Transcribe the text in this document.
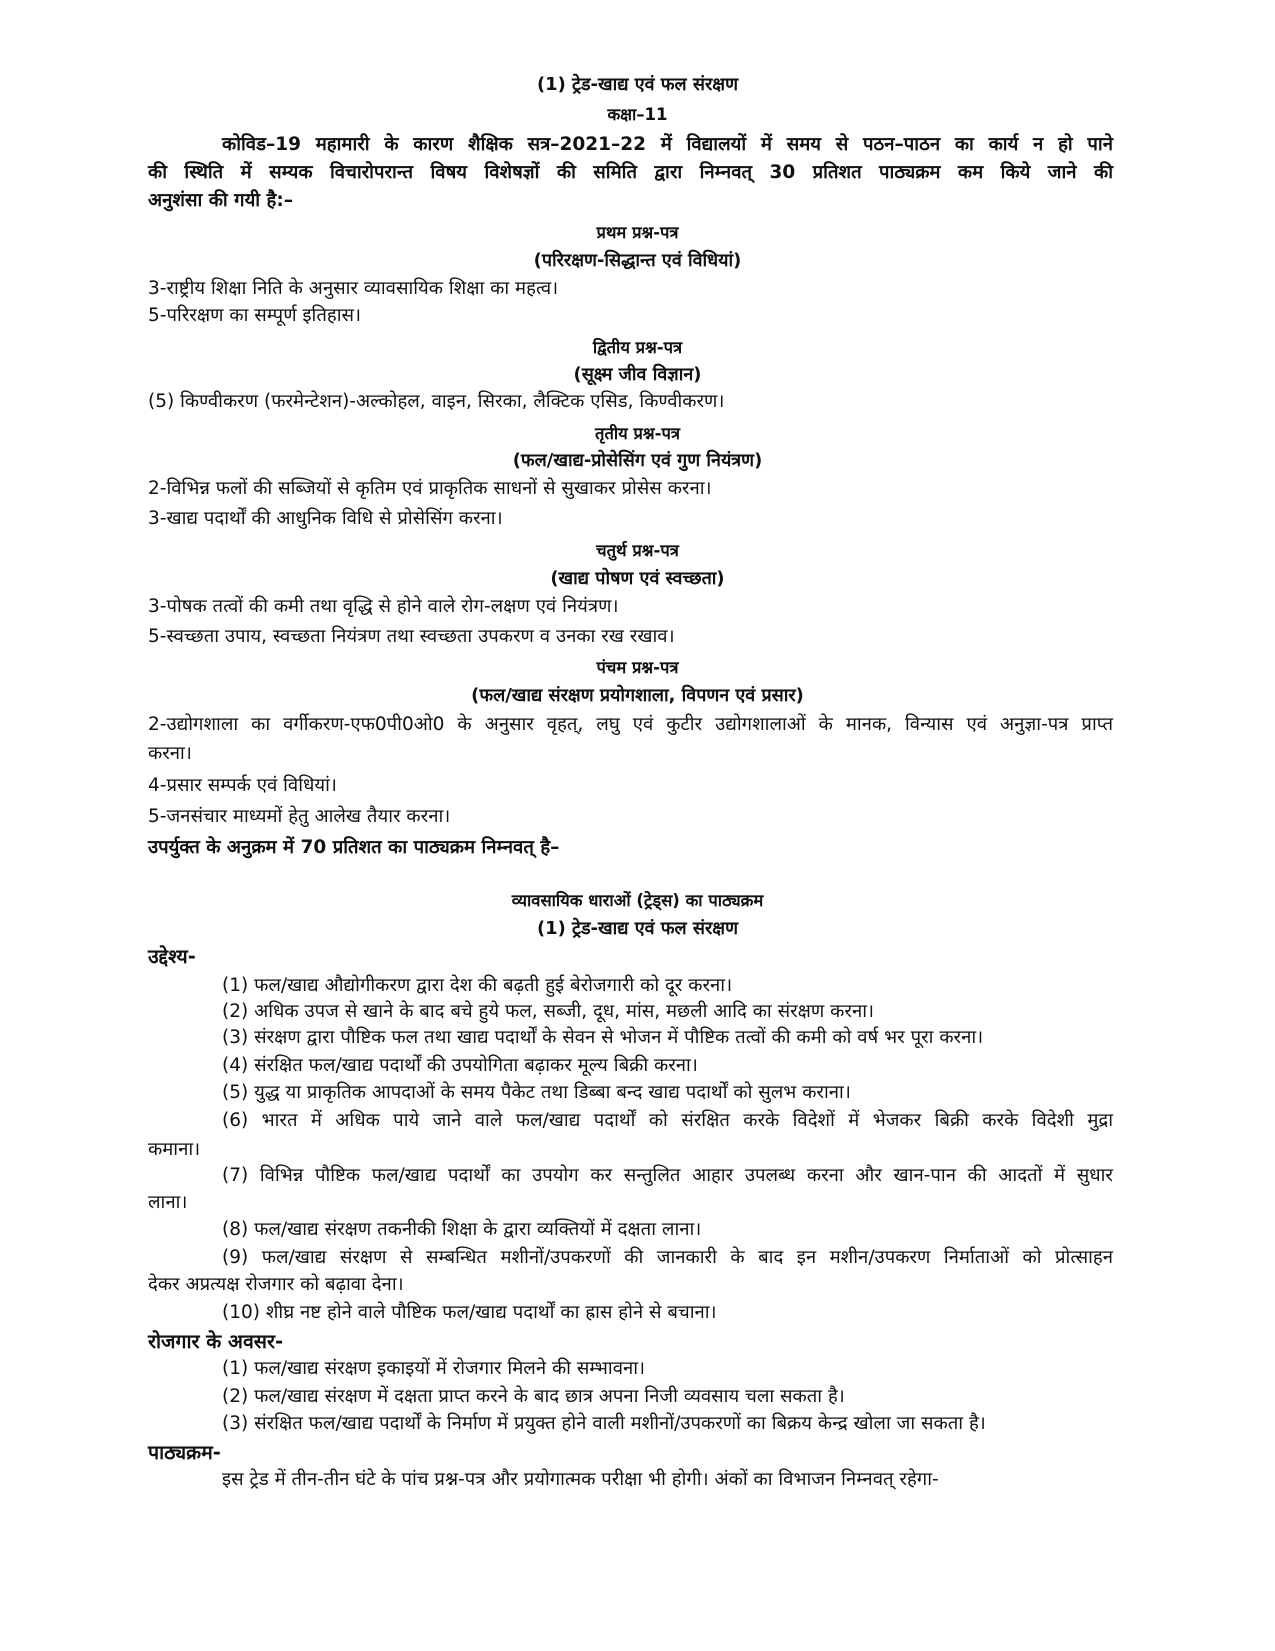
(1) ट्रेड-खाद्य एवं फल संरक्षण
कक्षा–11
कोविड–19 महामारी के कारण शैक्षिक सत्र–2021–22 में विद्यालयों में समय से पठन–पाठन का कार्य न हो पाने
की स्थिति में सम्यक विचारोपरान्त विषय विशेषज्ञों की समिति द्वारा निम्नवत् 30 प्रतिशत पाठ्यक्रम कम किये जाने की
अनुशंसा की गयी है:–
प्रथम प्रश्न-पत्र
(परिरक्षण-सिद्धान्त एवं विधियां)
3-राष्ट्रीय शिक्षा निति के अनुसार व्यावसायिक शिक्षा का महत्व।
5-परिरक्षण का सम्पूर्ण इतिहास।
द्वितीय प्रश्न-पत्र
(सूक्ष्म जीव विज्ञान)
(5) किण्वीकरण (फरमेन्टेशन)-अल्कोहल, वाइन, सिरका, लैक्टिक एसिड, किण्वीकरण।
तृतीय प्रश्न-पत्र
(फल/खाद्य-प्रोसेसिंग एवं गुण नियंत्रण)
2-विभिन्न फलों की सब्जियों से कृतिम एवं प्राकृतिक साधनों से सुखाकर प्रोसेस करना।
3-खाद्य पदार्थों की आधुनिक विधि से प्रोसेसिंग करना।
चतुर्थ प्रश्न-पत्र
(खाद्य पोषण एवं स्वच्छता)
3-पोषक तत्वों की कमी तथा वृद्धि से होने वाले रोग-लक्षण एवं नियंत्रण।
5-स्वच्छता उपाय, स्वच्छता नियंत्रण तथा स्वच्छता उपकरण व उनका रख रखाव।
पंचम प्रश्न-पत्र
(फल/खाद्य संरक्षण प्रयोगशाला, विपणन एवं प्रसार)
2-उद्योगशाला का वर्गीकरण-एफ0पी0ओ0 के अनुसार वृहत्, लघु एवं कुटीर उद्योगशालाओं के मानक, विन्यास एवं अनुज्ञा-पत्र प्राप्त
करना।
4-प्रसार सम्पर्क एवं विधियां।
5-जनसंचार माध्यमों हेतु आलेख तैयार करना।
उपर्युक्त के अनुक्रम में 70 प्रतिशत का पाठ्यक्रम निम्नवत् है–
व्यावसायिक धाराओं (ट्रेड्स) का पाठ्यक्रम
(1) ट्रेड-खाद्य एवं फल संरक्षण
उद्देश्य-
(1) फल/खाद्य औद्योगीकरण द्वारा देश की बढ़ती हुई बेरोजगारी को दूर करना।
(2) अधिक उपज से खाने के बाद बचे हुये फल, सब्जी, दूध, मांस, मछली आदि का संरक्षण करना।
(3) संरक्षण द्वारा पौष्टिक फल तथा खाद्य पदार्थों के सेवन से भोजन में पौष्टिक तत्वों की कमी को वर्ष भर पूरा करना।
(4) संरक्षित फल/खाद्य पदार्थों की उपयोगिता बढ़ाकर मूल्य बिक्री करना।
(5) युद्ध या प्राकृतिक आपदाओं के समय पैकेट तथा डिब्बा बन्द खाद्य पदार्थों को सुलभ कराना।
(6) भारत में अधिक पाये जाने वाले फल/खाद्य पदार्थों को संरक्षित करके विदेशों में भेजकर बिक्री करके विदेशी मुद्रा
कमाना।
(7) विभिन्न पौष्टिक फल/खाद्य पदार्थों का उपयोग कर सन्तुलित आहार उपलब्ध करना और खान-पान की आदतों में सुधार
लाना।
(8) फल/खाद्य संरक्षण तकनीकी शिक्षा के द्वारा व्यक्तियों में दक्षता लाना।
(9) फल/खाद्य संरक्षण से सम्बन्धित मशीनों/उपकरणों की जानकारी के बाद इन मशीन/उपकरण निर्माताओं को प्रोत्साहन
देकर अप्रत्यक्ष रोजगार को बढ़ावा देना।
(10) शीघ्र नष्ट होने वाले पौष्टिक फल/खाद्य पदार्थों का ह्रास होने से बचाना।
रोजगार के अवसर-
(1) फल/खाद्य संरक्षण इकाइयों में रोजगार मिलने की सम्भावना।
(2) फल/खाद्य संरक्षण में दक्षता प्राप्त करने के बाद छात्र अपना निजी व्यवसाय चला सकता है।
(3) संरक्षित फल/खाद्य पदार्थों के निर्माण में प्रयुक्त होने वाली मशीनों/उपकरणों का बिक्रय केन्द्र खोला जा सकता है।
पाठ्यक्रम-
इस ट्रेड में तीन-तीन घंटे के पांच प्रश्न-पत्र और प्रयोगात्मक परीक्षा भी होगी। अंकों का विभाजन निम्नवत् रहेगा-
